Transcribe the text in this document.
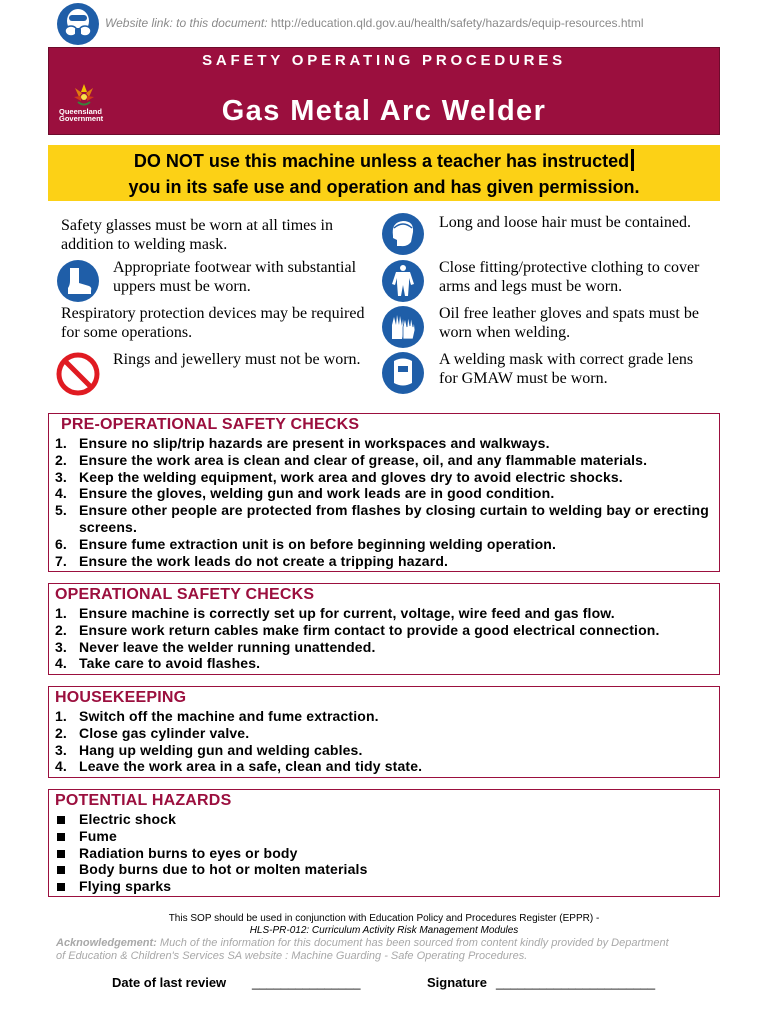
Website link: to this document: http://education.qld.gov.au/health/safety/hazards/equip-resources.html
SAFETY OPERATING PROCEDURES
Queensland
Government	Gas Metal Arc Welder
DO NOT use this machine unless a teacher has instructed
you in its safe use and operation and has given permission.
Safety glasses must be worn at all times in addition to welding mask.
Appropriate footwear with substantial uppers must be worn.
Respiratory protection devices may be required for some operations.
Rings and jewellery must not be worn.
Long and loose hair must be contained.
Close fitting/protective clothing to cover arms and legs must be worn.
Oil free leather gloves and spats must be worn when welding.
A welding mask with correct grade lens for GMAW must be worn.
PRE-OPERATIONAL SAFETY CHECKS
1. Ensure no slip/trip hazards are present in workspaces and walkways.
2. Ensure the work area is clean and clear of grease, oil, and any flammable materials.
3. Keep the welding equipment, work area and gloves dry to avoid electric shocks.
4. Ensure the gloves, welding gun and work leads are in good condition.
5. Ensure other people are protected from flashes by closing curtain to welding bay or erecting screens.
6. Ensure fume extraction unit is on before beginning welding operation.
7. Ensure the work leads do not create a tripping hazard.
OPERATIONAL SAFETY CHECKS
1. Ensure machine is correctly set up for current, voltage, wire feed and gas flow.
2. Ensure work return cables make firm contact to provide a good electrical connection.
3. Never leave the welder running unattended.
4. Take care to avoid flashes.
HOUSEKEEPING
1. Switch off the machine and fume extraction.
2. Close gas cylinder valve.
3. Hang up welding gun and welding cables.
4. Leave the work area in a safe, clean and tidy state.
POTENTIAL HAZARDS
Electric shock
Fume
Radiation burns to eyes or body
Body burns due to hot or molten materials
Flying sparks
This SOP should be used in conjunction with Education Policy and Procedures Register (EPPR) -
HLS-PR-012: Curriculum Activity Risk Management Modules
Acknowledgement: Much of the information for this document has been sourced from content kindly provided by Department of Education & Children's Services SA website : Machine Guarding - Safe Operating Procedures.
Date of last review _______________	Signature ______________________
